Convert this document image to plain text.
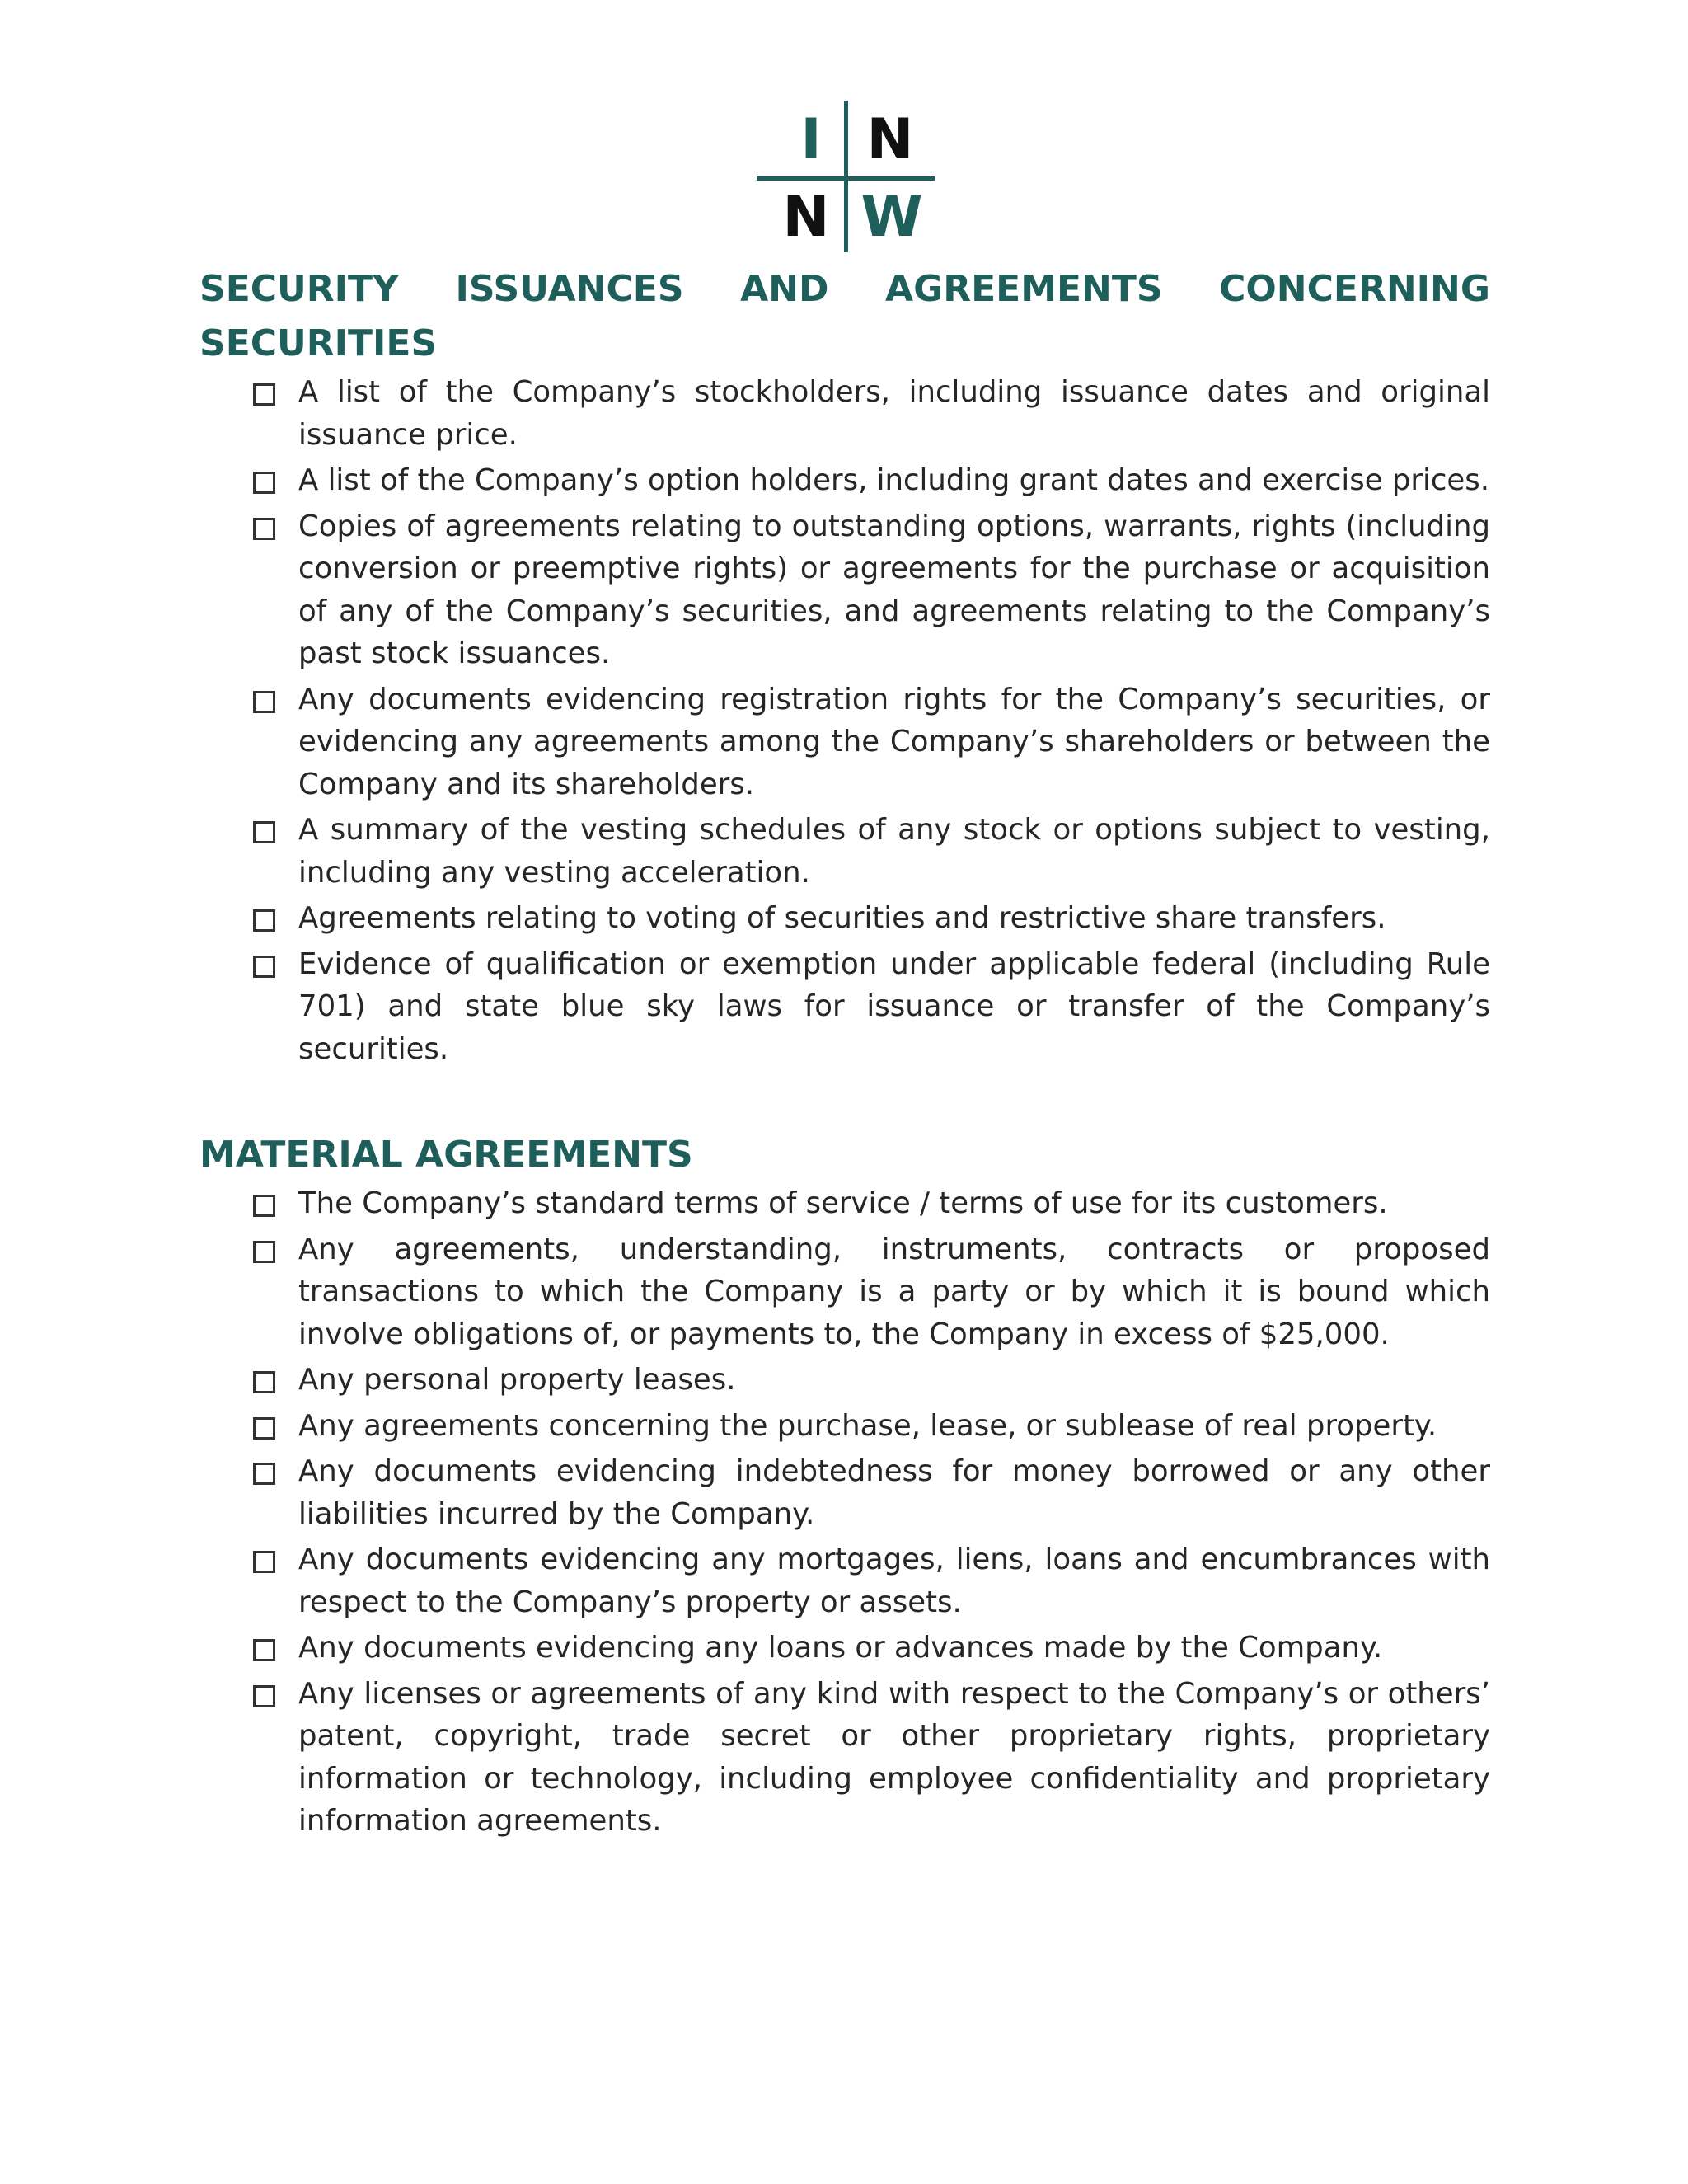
I N
N W
SECURITY ISSUANCES AND AGREEMENTS CONCERNING
SECURITIES
A list of the Company’s stockholders, including issuance dates and original issuance price.
A list of the Company’s option holders, including grant dates and exercise prices.
Copies of agreements relating to outstanding options, warrants, rights (including conversion or preemptive rights) or agreements for the purchase or acquisition of any of the Company’s securities, and agreements relating to the Company’s past stock issuances.
Any documents evidencing registration rights for the Company’s securities, or evidencing any agreements among the Company’s shareholders or between the Company and its shareholders.
A summary of the vesting schedules of any stock or options subject to vesting, including any vesting acceleration.
Agreements relating to voting of securities and restrictive share transfers.
Evidence of qualification or exemption under applicable federal (including Rule 701) and state blue sky laws for issuance or transfer of the Company’s securities.
MATERIAL AGREEMENTS
The Company’s standard terms of service / terms of use for its customers.
Any agreements, understanding, instruments, contracts or proposed transactions to which the Company is a party or by which it is bound which involve obligations of, or payments to, the Company in excess of $25,000.
Any personal property leases.
Any agreements concerning the purchase, lease, or sublease of real property.
Any documents evidencing indebtedness for money borrowed or any other liabilities incurred by the Company.
Any documents evidencing any mortgages, liens, loans and encumbrances with respect to the Company’s property or assets.
Any documents evidencing any loans or advances made by the Company.
Any licenses or agreements of any kind with respect to the Company’s or others’ patent, copyright, trade secret or other proprietary rights, proprietary information or technology, including employee confidentiality and proprietary information agreements.
